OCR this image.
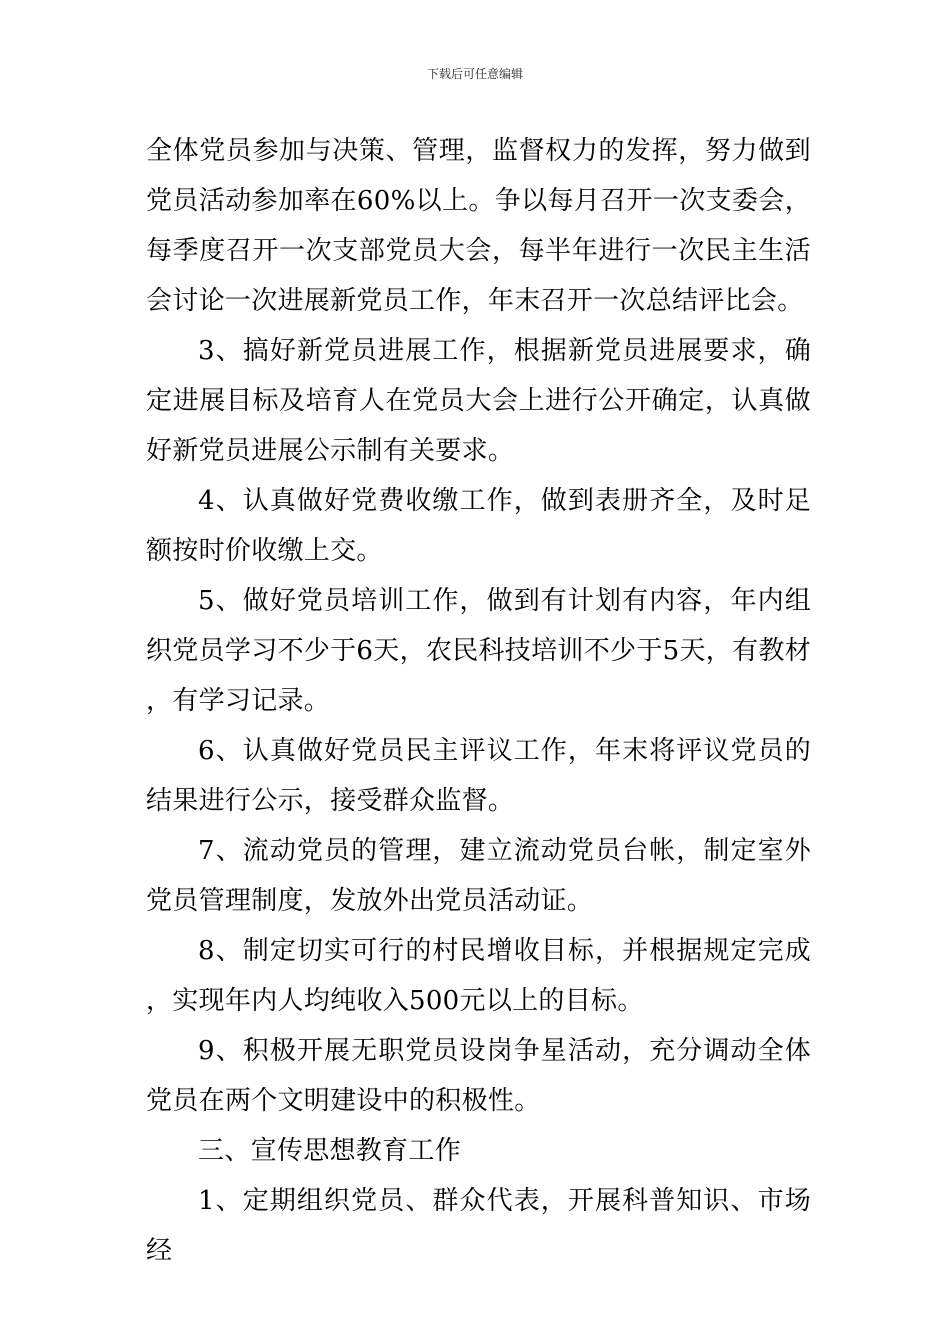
下载后可任意编辑

全体党员参加与决策、管理，监督权力的发挥，努力做到党员活动参加率在60%以上。争以每月召开一次支委会，每季度召开一次支部党员大会，每半年进行一次民主生活会讨论一次进展新党员工作，年末召开一次总结评比会。

3、搞好新党员进展工作，根据新党员进展要求，确定进展目标及培育人在党员大会上进行公开确定，认真做好新党员进展公示制有关要求。

4、认真做好党费收缴工作，做到表册齐全，及时足额按时价收缴上交。

5、做好党员培训工作，做到有计划有内容，年内组织党员学习不少于6天，农民科技培训不少于5天，有教材，有学习记录。

6、认真做好党员民主评议工作，年末将评议党员的结果进行公示，接受群众监督。

7、流动党员的管理，建立流动党员台帐，制定室外党员管理制度，发放外出党员活动证。

8、制定切实可行的村民增收目标，并根据规定完成，实现年内人均纯收入500元以上的目标。

9、积极开展无职党员设岗争星活动，充分调动全体党员在两个文明建设中的积极性。

三、宣传思想教育工作

1、定期组织党员、群众代表，开展科普知识、市场经
